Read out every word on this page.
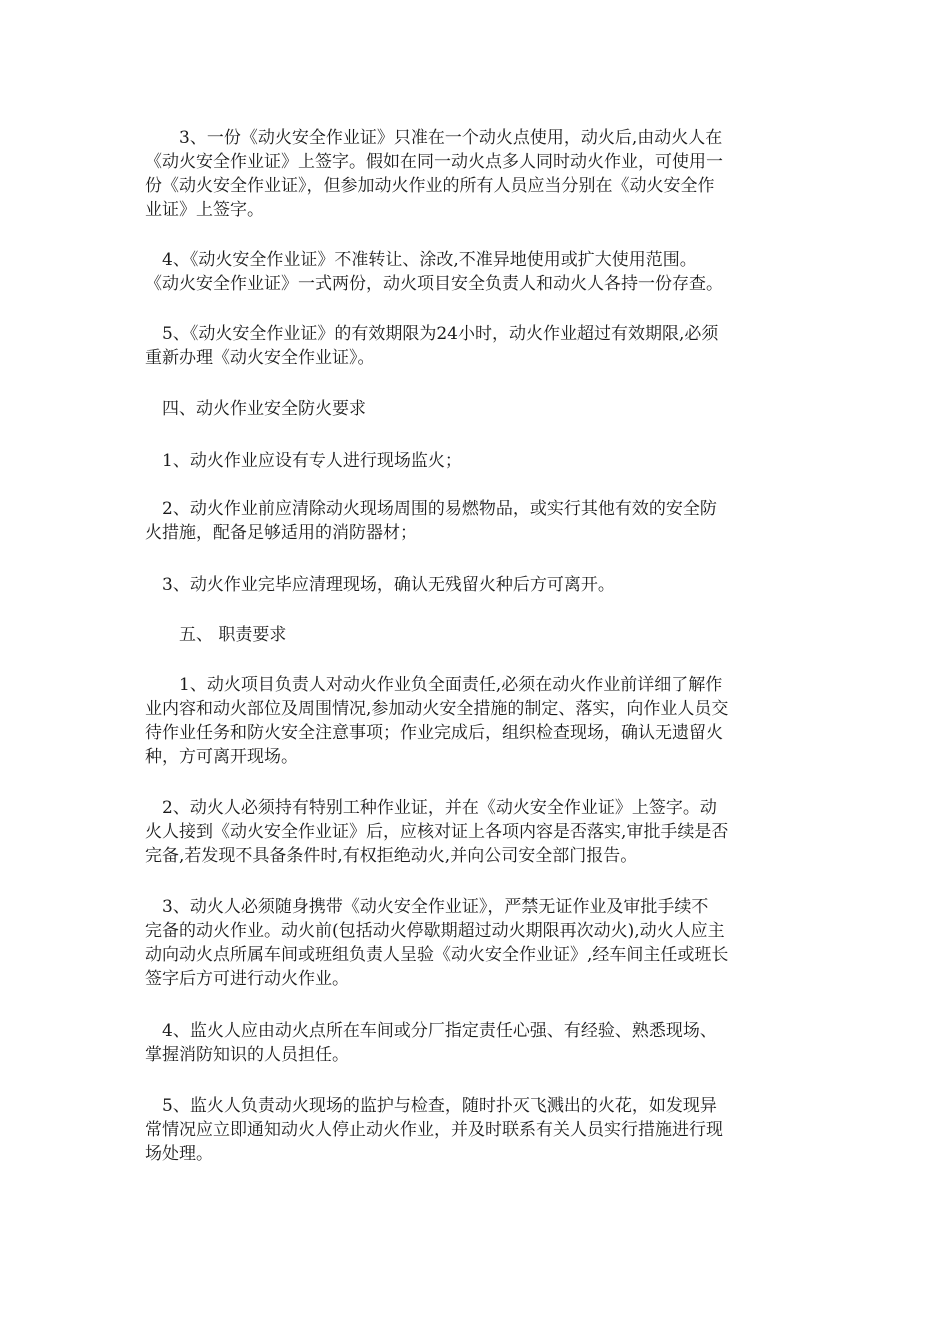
　　3、一份《动火安全作业证》只准在一个动火点使用，动火后,由动火人在
《动火安全作业证》上签字。假如在同一动火点多人同时动火作业，可使用一
份《动火安全作业证》，但参加动火作业的所有人员应当分别在《动火安全作
业证》上签字。

　4、《动火安全作业证》不准转让、涂改,不准异地使用或扩大使用范围。
《动火安全作业证》一式两份，动火项目安全负责人和动火人各持一份存查。

　5、《动火安全作业证》的有效期限为24小时，动火作业超过有效期限,必须
重新办理《动火安全作业证》。

　四、动火作业安全防火要求

　1、动火作业应设有专人进行现场监火；

　2、动火作业前应清除动火现场周围的易燃物品，或实行其他有效的安全防
火措施，配备足够适用的消防器材；

　3、动火作业完毕应清理现场，确认无残留火种后方可离开。

　　五、 职责要求

　　1、动火项目负责人对动火作业负全面责任,必须在动火作业前详细了解作
业内容和动火部位及周围情况,参加动火安全措施的制定、落实，向作业人员交
待作业任务和防火安全注意事项；作业完成后，组织检查现场，确认无遗留火
种，方可离开现场。

　2、动火人必须持有特别工种作业证，并在《动火安全作业证》上签字。动
火人接到《动火安全作业证》后，应核对证上各项内容是否落实,审批手续是否
完备,若发现不具备条件时,有权拒绝动火,并向公司安全部门报告。

　3、动火人必须随身携带《动火安全作业证》，严禁无证作业及审批手续不
完备的动火作业。动火前(包括动火停歇期超过动火期限再次动火),动火人应主
动向动火点所属车间或班组负责人呈验《动火安全作业证》,经车间主任或班长
签字后方可进行动火作业。

　4、监火人应由动火点所在车间或分厂指定责任心强、有经验、熟悉现场、
掌握消防知识的人员担任。

　5、监火人负责动火现场的监护与检查，随时扑灭飞溅出的火花，如发现异
常情况应立即通知动火人停止动火作业，并及时联系有关人员实行措施进行现
场处理。
